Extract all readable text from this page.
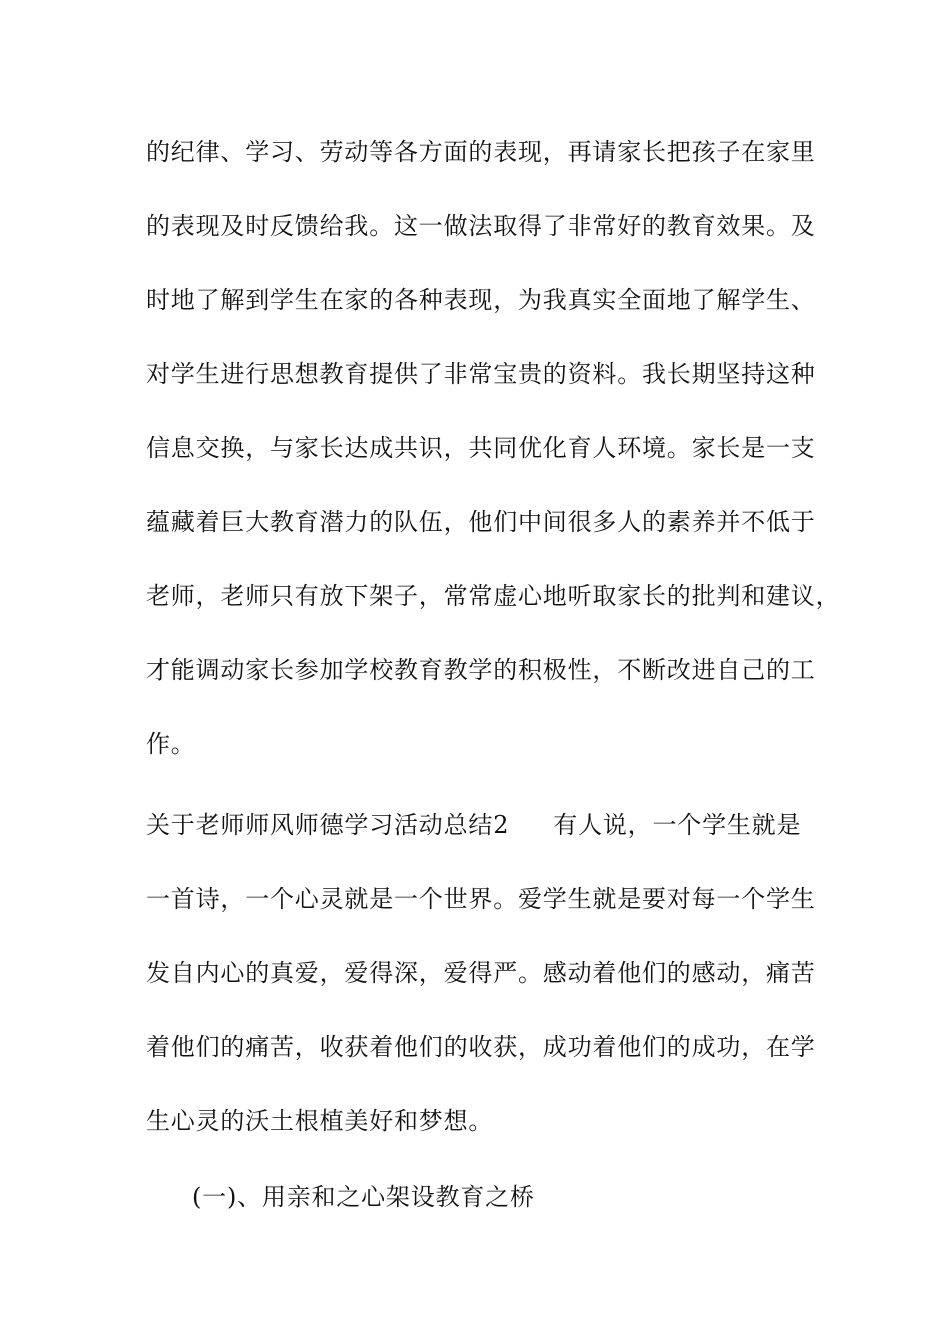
的纪律、学习、劳动等各方面的表现，再请家长把孩子在家里
的表现及时反馈给我。这一做法取得了非常好的教育效果。及
时地了解到学生在家的各种表现，为我真实全面地了解学生、
对学生进行思想教育提供了非常宝贵的资料。我长期坚持这种
信息交换，与家长达成共识，共同优化育人环境。家长是一支
蕴藏着巨大教育潜力的队伍，他们中间很多人的素养并不低于
老师，老师只有放下架子，常常虚心地听取家长的批判和建议，
才能调动家长参加学校教育教学的积极性，不断改进自己的工
作。
关于老师师风师德学习活动总结2 有人说，一个学生就是
一首诗，一个心灵就是一个世界。爱学生就是要对每一个学生
发自内心的真爱，爱得深，爱得严。感动着他们的感动，痛苦
着他们的痛苦，收获着他们的收获，成功着他们的成功，在学
生心灵的沃土根植美好和梦想。
(一)、用亲和之心架设教育之桥
